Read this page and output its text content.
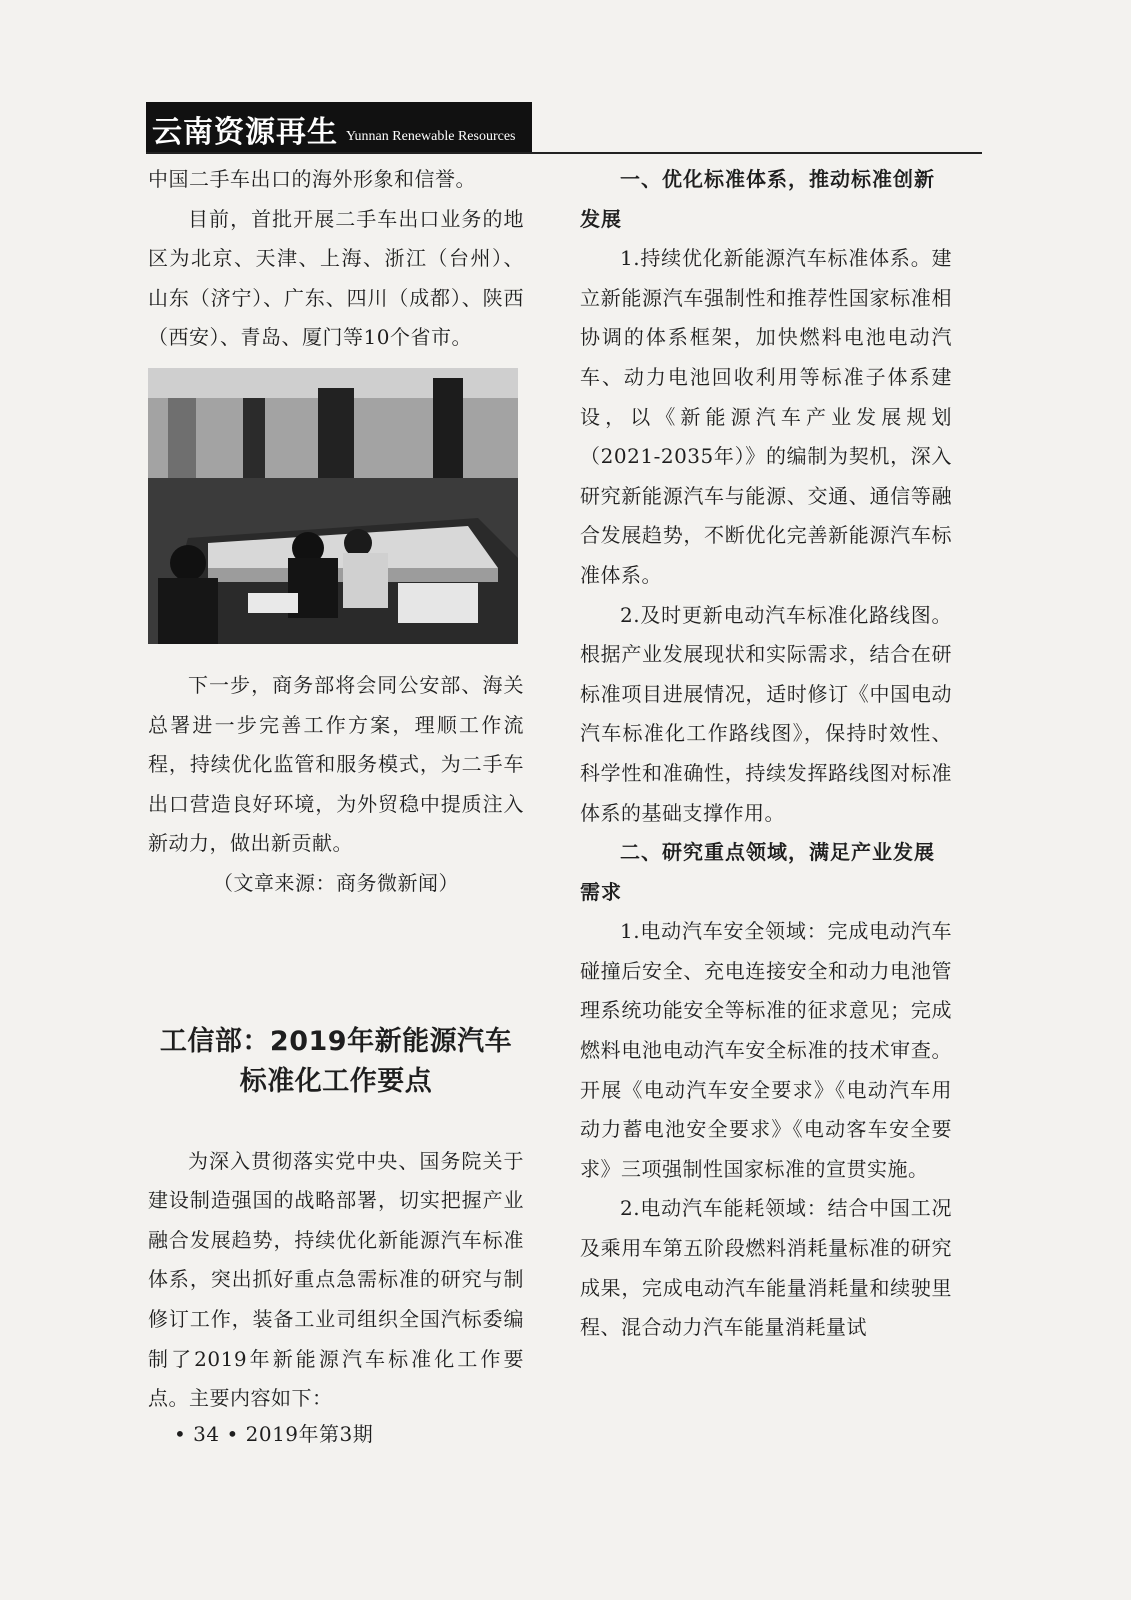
云南资源再生 Yunnan Renewable Resources

中国二手车出口的海外形象和信誉。

目前，首批开展二手车出口业务的地区为北京、天津、上海、浙江（台州）、山东（济宁）、广东、四川（成都）、陕西（西安）、青岛、厦门等10个省市。

下一步，商务部将会同公安部、海关总署进一步完善工作方案，理顺工作流程，持续优化监管和服务模式，为二手车出口营造良好环境，为外贸稳中提质注入新动力，做出新贡献。

（文章来源：商务微新闻）

工信部：2019年新能源汽车标准化工作要点

为深入贯彻落实党中央、国务院关于建设制造强国的战略部署，切实把握产业融合发展趋势，持续优化新能源汽车标准体系，突出抓好重点急需标准的研究与制修订工作，装备工业司组织全国汽标委编制了2019年新能源汽车标准化工作要点。主要内容如下：

一、优化标准体系，推动标准创新发展

1.持续优化新能源汽车标准体系。建立新能源汽车强制性和推荐性国家标准相协调的体系框架，加快燃料电池电动汽车、动力电池回收利用等标准子体系建设，以《新能源汽车产业发展规划（2021-2035年）》的编制为契机，深入研究新能源汽车与能源、交通、通信等融合发展趋势，不断优化完善新能源汽车标准体系。

2.及时更新电动汽车标准化路线图。根据产业发展现状和实际需求，结合在研标准项目进展情况，适时修订《中国电动汽车标准化工作路线图》，保持时效性、科学性和准确性，持续发挥路线图对标准体系的基础支撑作用。

二、研究重点领域，满足产业发展需求

1.电动汽车安全领域：完成电动汽车碰撞后安全、充电连接安全和动力电池管理系统功能安全等标准的征求意见；完成燃料电池电动汽车安全标准的技术审查。开展《电动汽车安全要求》《电动汽车用动力蓄电池安全要求》《电动客车安全要求》三项强制性国家标准的宣贯实施。

2.电动汽车能耗领域：结合中国工况及乘用车第五阶段燃料消耗量标准的研究成果，完成电动汽车能量消耗量和续驶里程、混合动力汽车能量消耗量试

• 34 • 2019年第3期
